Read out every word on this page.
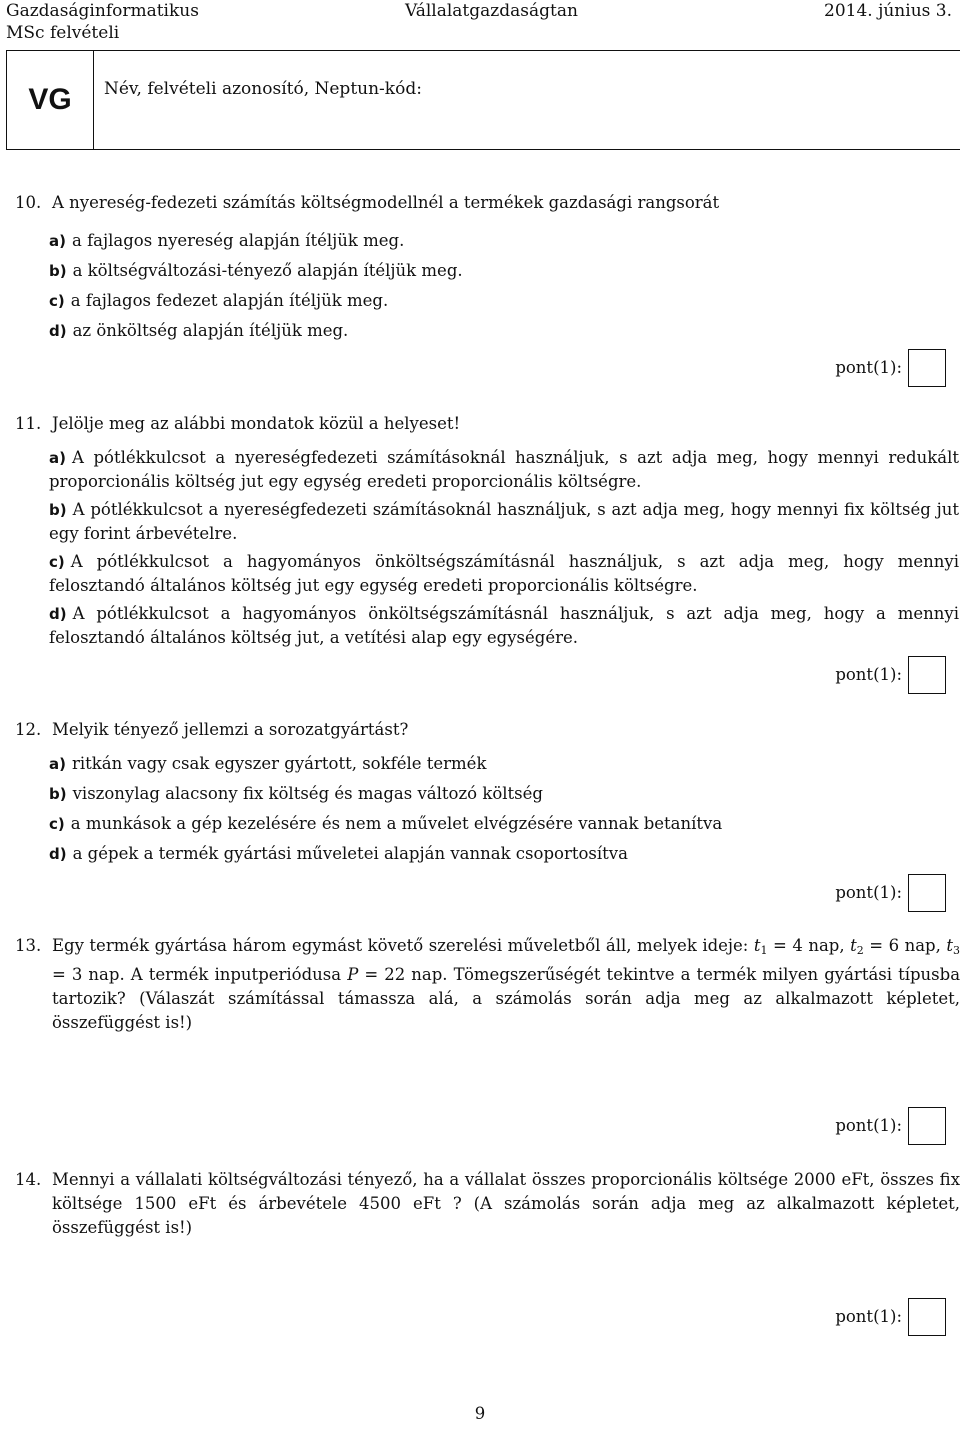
Gazdaságinformatikus
MSc felvételi
Vállalatgazdaságtan	2014. június 3.
VG	Név, felvételi azonosító, Neptun-kód:
10. A nyereség-fedezeti számítás költségmodellnél a termékek gazdasági rangsorát
a) a fajlagos nyereség alapján ítéljük meg.
b) a költségváltozási-tényező alapján ítéljük meg.
c) a fajlagos fedezet alapján ítéljük meg.
d) az önköltség alapján ítéljük meg.
pont(1):
11. Jelölje meg az alábbi mondatok közül a helyeset!
a) A pótlékkulcsot a nyereségfedezeti számításoknál használjuk, s azt adja meg, hogy mennyi redukált proporcionális költség jut egy egység eredeti proporcionális költségre.
b) A pótlékkulcsot a nyereségfedezeti számításoknál használjuk, s azt adja meg, hogy mennyi fix költség jut egy forint árbevételre.
c) A pótlékkulcsot a hagyományos önköltségszámításnál használjuk, s azt adja meg, hogy mennyi felosztandó általános költség jut egy egység eredeti proporcionális költségre.
d) A pótlékkulcsot a hagyományos önköltségszámításnál használjuk, s azt adja meg, hogy a mennyi felosztandó általános költség jut, a vetítési alap egy egységére.
pont(1):
12. Melyik tényező jellemzi a sorozatgyártást?
a) ritkán vagy csak egyszer gyártott, sokféle termék
b) viszonylag alacsony fix költség és magas változó költség
c) a munkások a gép kezelésére és nem a művelet elvégzésére vannak betanítva
d) a gépek a termék gyártási műveletei alapján vannak csoportosítva
pont(1):
13. Egy termék gyártása három egymást követő szerelési műveletből áll, melyek ideje: $t_1 = 4$ nap, $t_2 = 6$ nap, $t_3 = 3$ nap. A termék inputperiódusa P = 22 nap. Tömegszerűségét tekintve a termék milyen gyártási típusba tartozik? (Válaszát számítással támassza alá, a számolás során adja meg az alkalmazott képletet, összefüggést is!)
pont(1):
14. Mennyi a vállalati költségváltozási tényező, ha a vállalat összes proporcionális költsége 2000 eFt, összes fix költsége 1500 eFt és árbevétele 4500 eFt ? (A számolás során adja meg az alkalmazott képletet, összefüggést is!)
pont(1):
9
